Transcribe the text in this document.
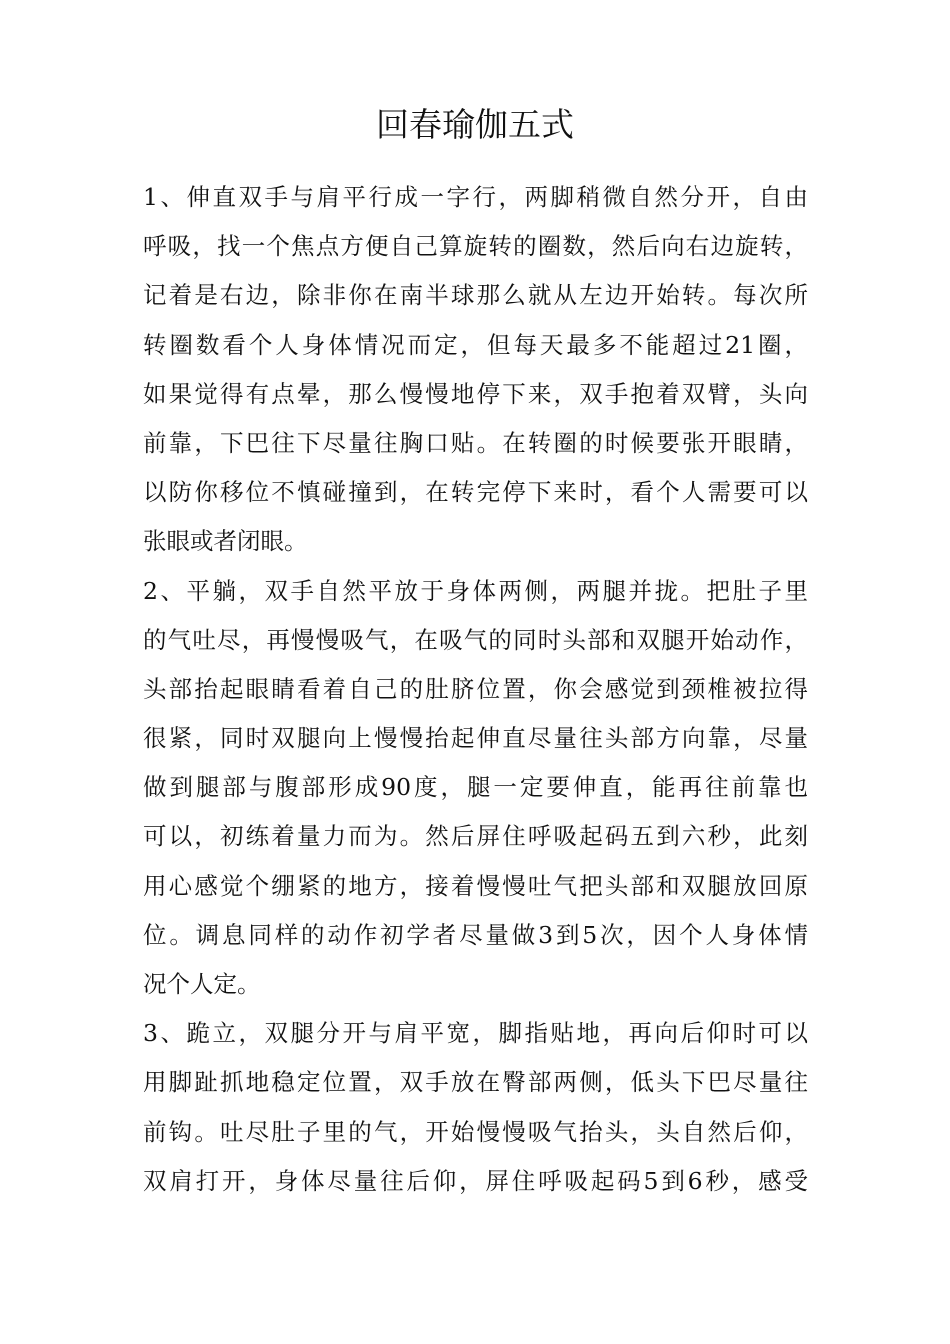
回春瑜伽五式
1、伸直双手与肩平行成一字行，两脚稍微自然分开，自由
呼吸，找一个焦点方便自己算旋转的圈数，然后向右边旋转，
记着是右边，除非你在南半球那么就从左边开始转。每次所
转圈数看个人身体情况而定，但每天最多不能超过21圈，
如果觉得有点晕，那么慢慢地停下来，双手抱着双臂，头向
前靠，下巴往下尽量往胸口贴。在转圈的时候要张开眼睛，
以防你移位不慎碰撞到，在转完停下来时，看个人需要可以
张眼或者闭眼。
2、平躺，双手自然平放于身体两侧，两腿并拢。把肚子里
的气吐尽，再慢慢吸气，在吸气的同时头部和双腿开始动作，
头部抬起眼睛看着自己的肚脐位置，你会感觉到颈椎被拉得
很紧，同时双腿向上慢慢抬起伸直尽量往头部方向靠，尽量
做到腿部与腹部形成90度，腿一定要伸直，能再往前靠也
可以，初练着量力而为。然后屏住呼吸起码五到六秒，此刻
用心感觉个绷紧的地方，接着慢慢吐气把头部和双腿放回原
位。调息同样的动作初学者尽量做3到5次，因个人身体情
况个人定。
3、跪立，双腿分开与肩平宽，脚指贴地，再向后仰时可以
用脚趾抓地稳定位置，双手放在臀部两侧，低头下巴尽量往
前钩。吐尽肚子里的气，开始慢慢吸气抬头，头自然后仰，
双肩打开，身体尽量往后仰，屏住呼吸起码5到6秒，感受
